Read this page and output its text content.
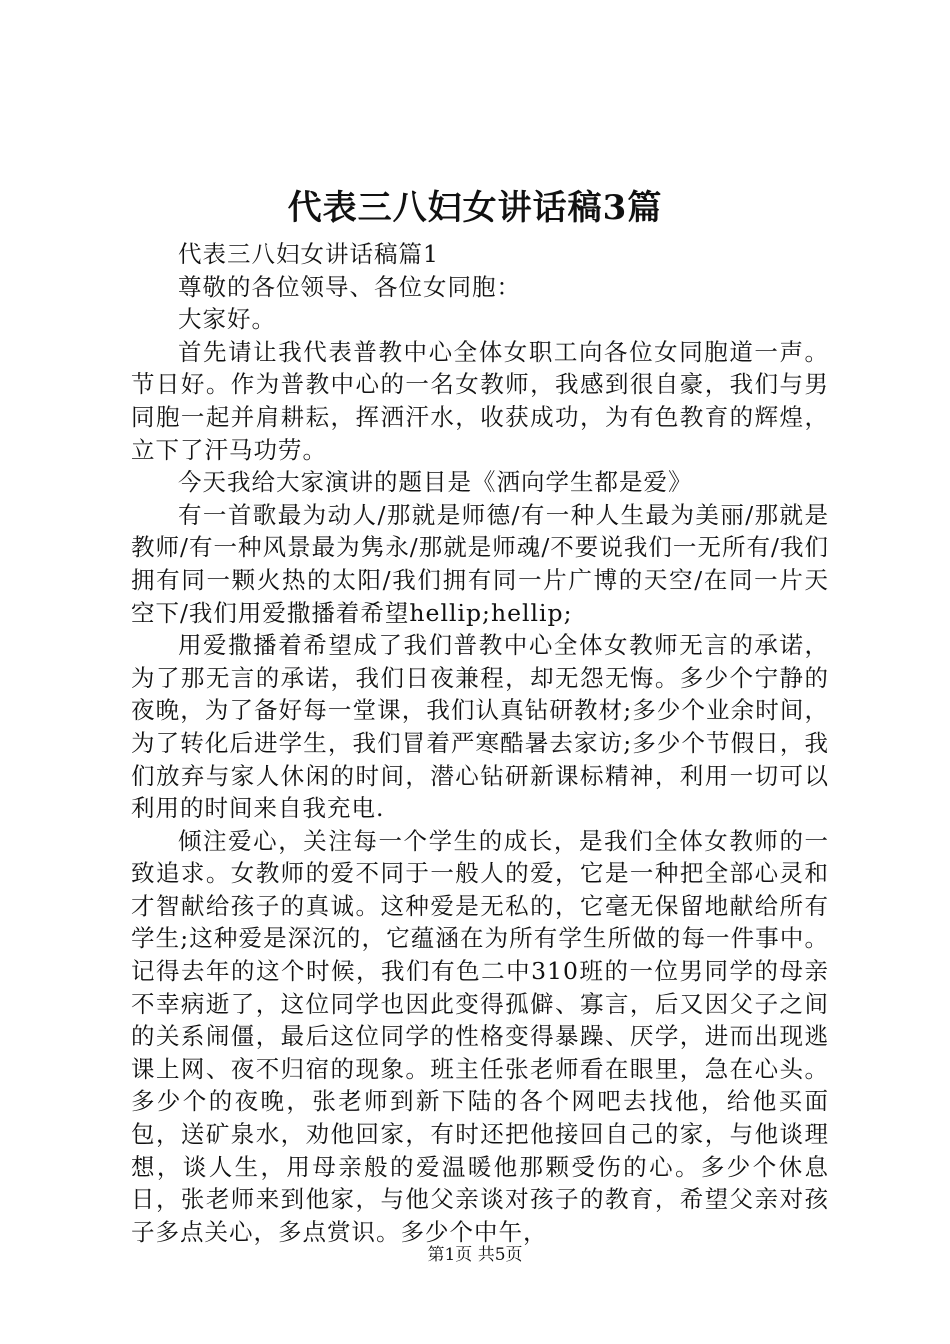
代表三八妇女讲话稿3篇

代表三八妇女讲话稿篇1

尊敬的各位领导、各位女同胞：

大家好。

首先请让我代表普教中心全体女职工向各位女同胞道一声。节日好。作为普教中心的一名女教师，我感到很自豪，我们与男同胞一起并肩耕耘，挥洒汗水，收获成功，为有色教育的辉煌，立下了汗马功劳。

今天我给大家演讲的题目是《洒向学生都是爱》

有一首歌最为动人/那就是师德/有一种人生最为美丽/那就是教师/有一种风景最为隽永/那就是师魂/不要说我们一无所有/我们拥有同一颗火热的太阳/我们拥有同一片广博的天空/在同一片天空下/我们用爱撒播着希望hellip;hellip;

用爱撒播着希望成了我们普教中心全体女教师无言的承诺，为了那无言的承诺，我们日夜兼程，却无怨无悔。多少个宁静的夜晚，为了备好每一堂课，我们认真钻研教材;多少个业余时间，为了转化后进学生，我们冒着严寒酷暑去家访;多少个节假日，我们放弃与家人休闲的时间，潜心钻研新课标精神，利用一切可以利用的时间来自我充电.

倾注爱心，关注每一个学生的成长，是我们全体女教师的一致追求。女教师的爱不同于一般人的爱，它是一种把全部心灵和才智献给孩子的真诚。这种爱是无私的，它毫无保留地献给所有学生;这种爱是深沉的，它蕴涵在为所有学生所做的每一件事中。记得去年的这个时候，我们有色二中310班的一位男同学的母亲不幸病逝了，这位同学也因此变得孤僻、寡言，后又因父子之间的关系闹僵，最后这位同学的性格变得暴躁、厌学，进而出现逃课上网、夜不归宿的现象。班主任张老师看在眼里，急在心头。多少个的夜晚，张老师到新下陆的各个网吧去找他，给他买面包，送矿泉水，劝他回家，有时还把他接回自己的家，与他谈理想，谈人生，用母亲般的爱温暖他那颗受伤的心。多少个休息日，张老师来到他家，与他父亲谈对孩子的教育，希望父亲对孩子多点关心，多点赏识。多少个中午，

第1页 共5页
